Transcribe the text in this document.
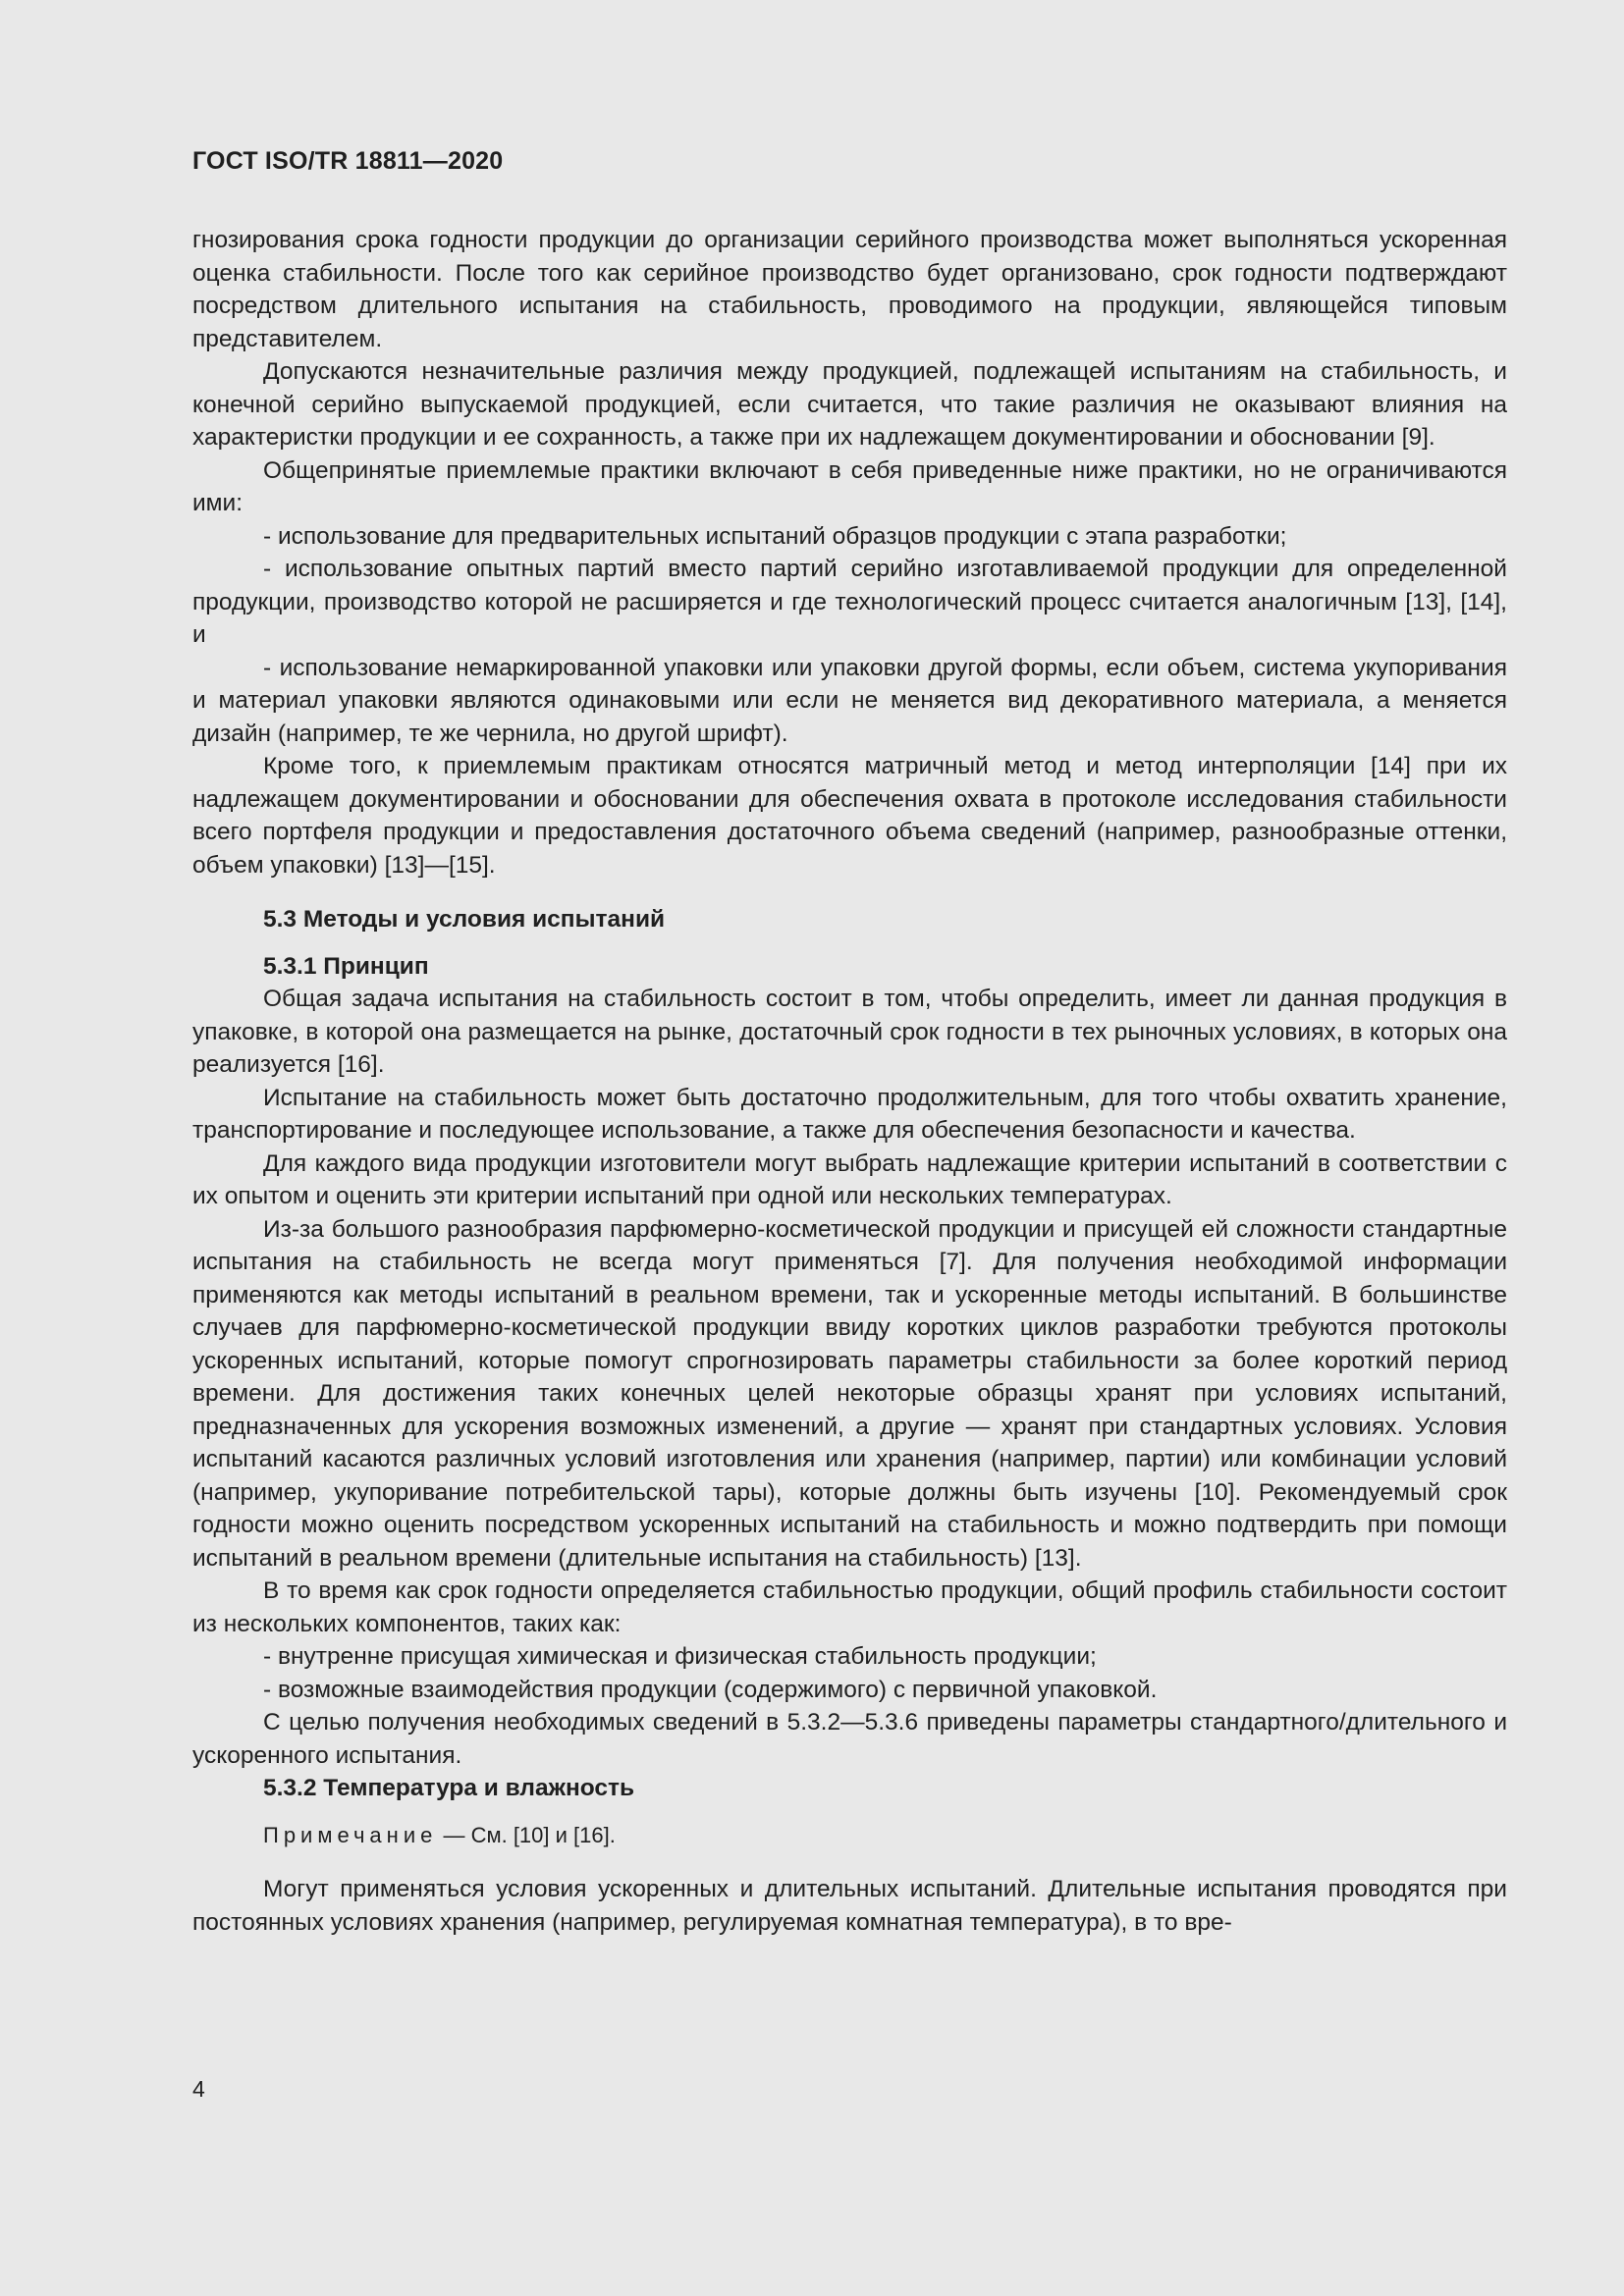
ГОСТ ISO/TR 18811—2020

гнозирования срока годности продукции до организации серийного производства может выполняться ускоренная оценка стабильности. После того как серийное производство будет организовано, срок годности подтверждают посредством длительного испытания на стабильность, проводимого на продукции, являющейся типовым представителем.

Допускаются незначительные различия между продукцией, подлежащей испытаниям на стабильность, и конечной серийно выпускаемой продукцией, если считается, что такие различия не оказывают влияния на характеристки продукции и ее сохранность, а также при их надлежащем документировании и обосновании [9].

Общепринятые приемлемые практики включают в себя приведенные ниже практики, но не ограничиваются ими:

- использование для предварительных испытаний образцов продукции с этапа разработки;

- использование опытных партий вместо партий серийно изготавливаемой продукции для определенной продукции, производство которой не расширяется и где технологический процесс считается аналогичным [13], [14], и

- использование немаркированной упаковки или упаковки другой формы, если объем, система укупоривания и материал упаковки являются одинаковыми или если не меняется вид декоративного материала, а меняется дизайн (например, те же чернила, но другой шрифт).

Кроме того, к приемлемым практикам относятся матричный метод и метод интерполяции [14] при их надлежащем документировании и обосновании для обеспечения охвата в протоколе исследования стабильности всего портфеля продукции и предоставления достаточного объема сведений (например, разнообразные оттенки, объем упаковки) [13]—[15].

5.3 Методы и условия испытаний

5.3.1 Принцип

Общая задача испытания на стабильность состоит в том, чтобы определить, имеет ли данная продукция в упаковке, в которой она размещается на рынке, достаточный срок годности в тех рыночных условиях, в которых она реализуется [16].

Испытание на стабильность может быть достаточно продолжительным, для того чтобы охватить хранение, транспортирование и последующее использование, а также для обеспечения безопасности и качества.

Для каждого вида продукции изготовители могут выбрать надлежащие критерии испытаний в соответствии с их опытом и оценить эти критерии испытаний при одной или нескольких температурах.

Из-за большого разнообразия парфюмерно-косметической продукции и присущей ей сложности стандартные испытания на стабильность не всегда могут применяться [7]. Для получения необходимой информации применяются как методы испытаний в реальном времени, так и ускоренные методы испытаний. В большинстве случаев для парфюмерно-косметической продукции ввиду коротких циклов разработки требуются протоколы ускоренных испытаний, которые помогут спрогнозировать параметры стабильности за более короткий период времени. Для достижения таких конечных целей некоторые образцы хранят при условиях испытаний, предназначенных для ускорения возможных изменений, а другие — хранят при стандартных условиях. Условия испытаний касаются различных условий изготовления или хранения (например, партии) или комбинации условий (например, укупоривание потребительской тары), которые должны быть изучены [10]. Рекомендуемый срок годности можно оценить посредством ускоренных испытаний на стабильность и можно подтвердить при помощи испытаний в реальном времени (длительные испытания на стабильность) [13].

В то время как срок годности определяется стабильностью продукции, общий профиль стабильности состоит из нескольких компонентов, таких как:

- внутренне присущая химическая и физическая стабильность продукции;

- возможные взаимодействия продукции (содержимого) с первичной упаковкой.

С целью получения необходимых сведений в 5.3.2—5.3.6 приведены параметры стандартного/длительного и ускоренного испытания.

5.3.2 Температура и влажность

Примечание — См. [10] и [16].

Могут применяться условия ускоренных и длительных испытаний. Длительные испытания проводятся при постоянных условиях хранения (например, регулируемая комнатная температура), в то вре-

4
